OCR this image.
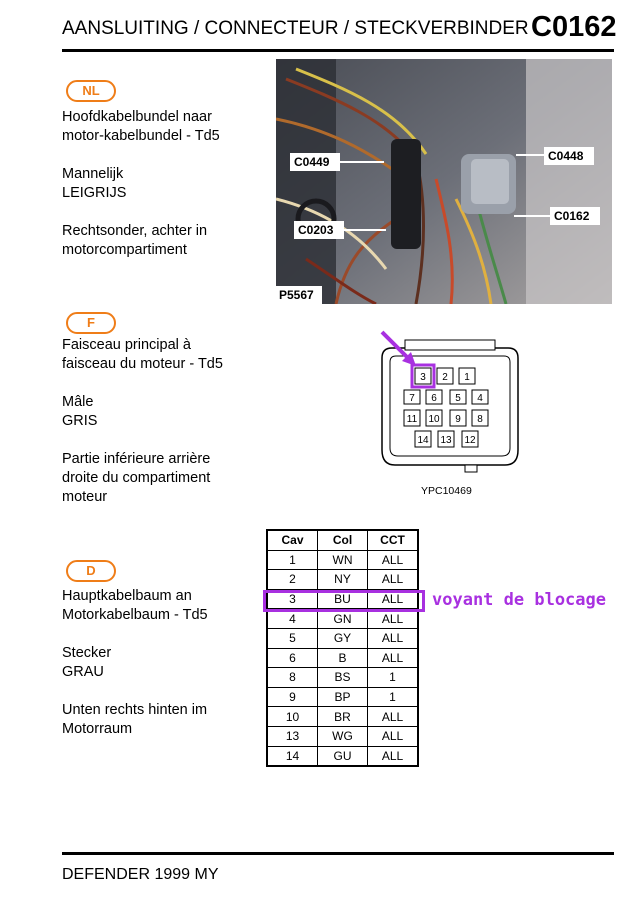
AANSLUITING / CONNECTEUR / STECKVERBINDER C0162
NL
Hoofdkabelbundel naar
motor-kabelbundel - Td5
Mannelijk
LEIGRIJS
Rechtsonder, achter in
motorcompartiment
F
Faisceau principal à
faisceau du moteur - Td5
Mâle
GRIS
Partie inférieure arrière
droite du compartiment
moteur
D
Hauptkabelbaum an
Motorkabelbaum - Td5
Stecker
GRAU
Unten rechts hinten im
Motorraum
C0449	C0448
C0203
C0162
P5567
3 2 1
7 6 5 4
11 10 9 8
14 13 12
YPC10469
Cav	Col	CCT
1	WN	ALL
2	NY	ALL
3	BU	ALL
4	GN	ALL
5	GY	ALL
6	B	ALL
8	BS	1
9	BP	1
10	BR	ALL
13	WG	ALL
14	GU	ALL
voyant de blocage
DEFENDER 1999 MY
